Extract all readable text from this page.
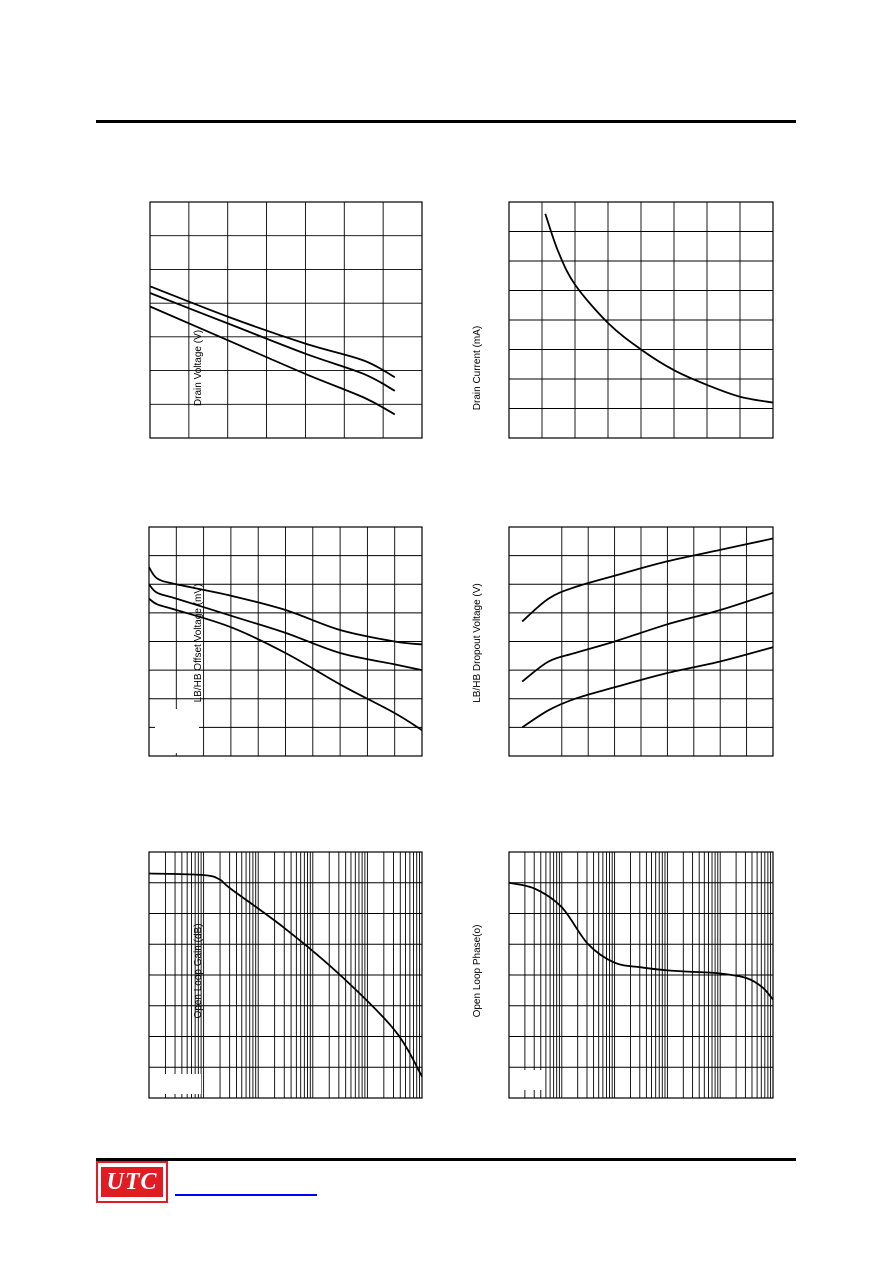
Drain Voltage (V)	Drain Current (mA)
LB/HB Offset Voltage (mV)	LB/HB Dropout Voltage (V)
Open Loop Gain (dB)	Open Loop Phase(o)
UTC
